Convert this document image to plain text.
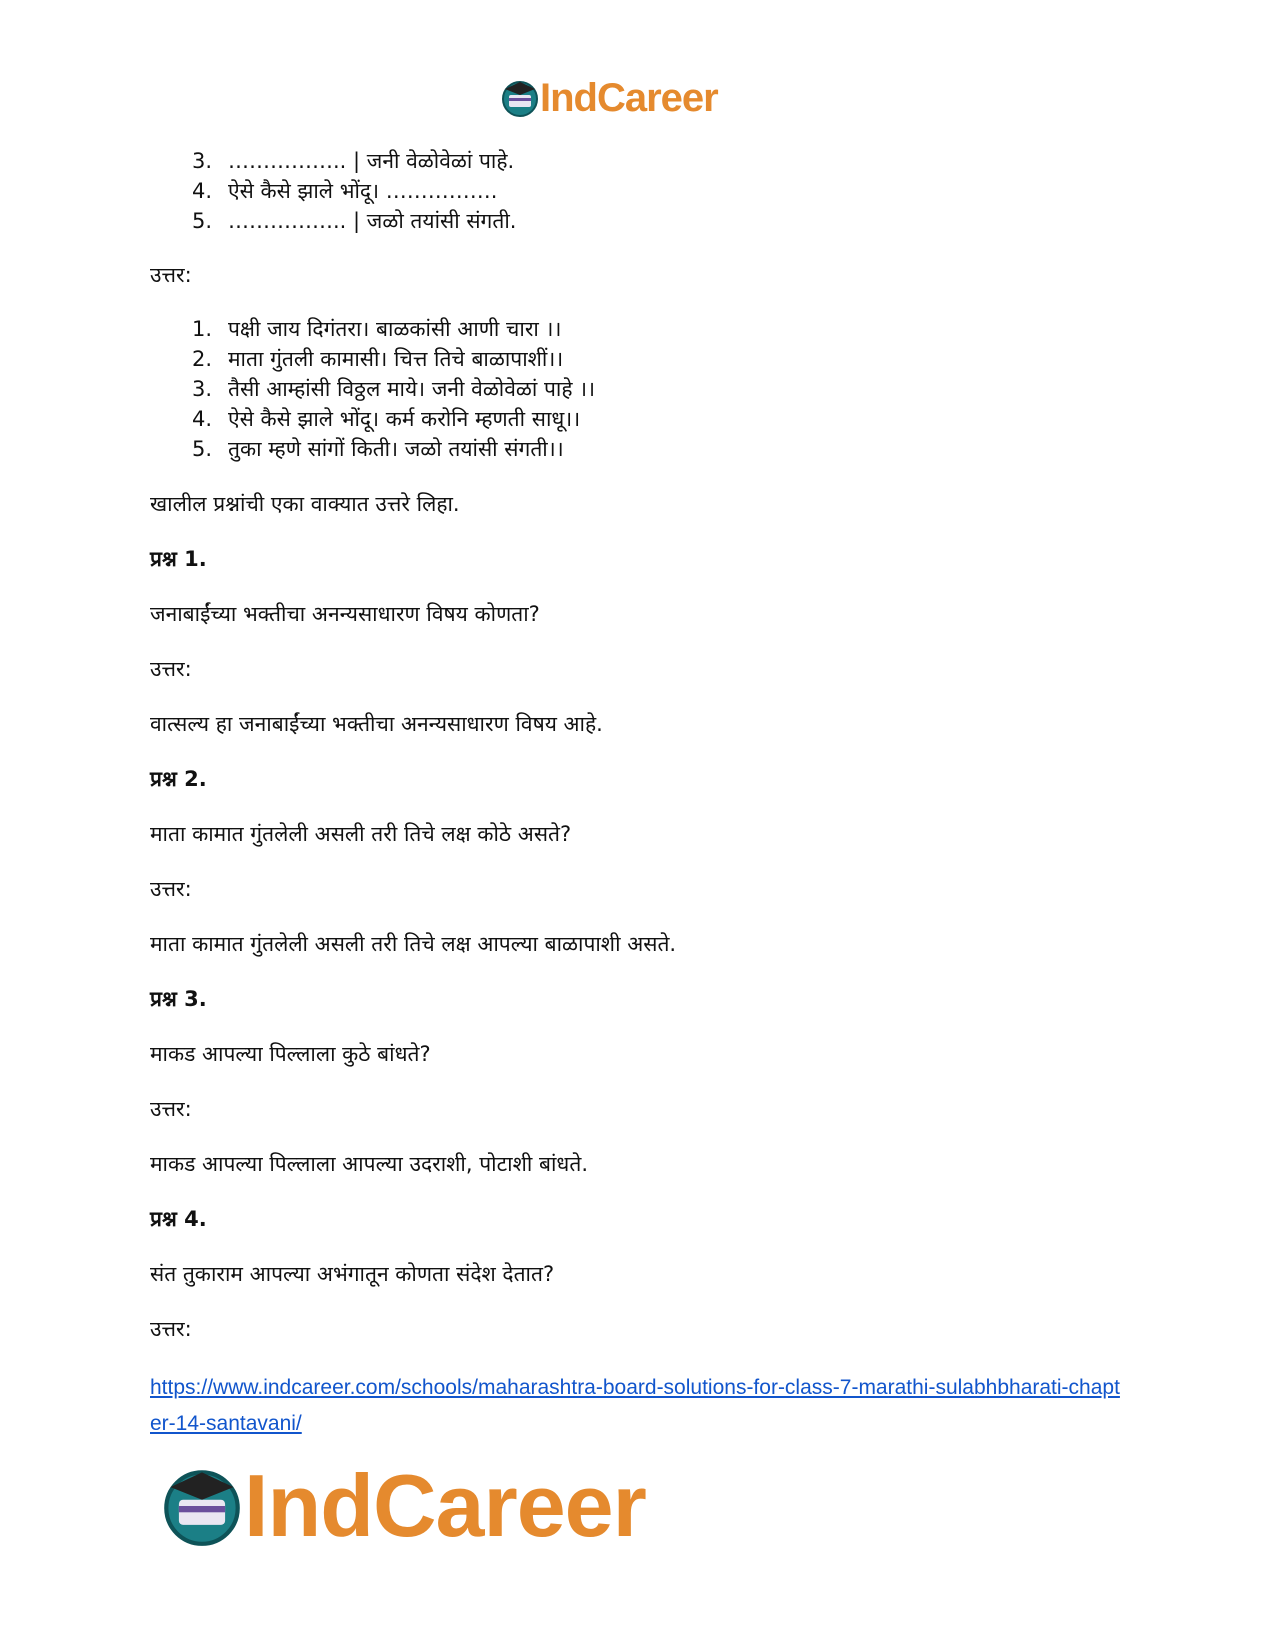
IndCareer
3. …………….. | जनी वेळोवेळां पाहे.
4. ऐसे कैसे झाले भोंदू। …………….
5. …………….. | जळो तयांसी संगती.

उत्तर:

1. पक्षी जाय दिगंतरा। बाळकांसी आणी चारा ।।
2. माता गुंतली कामासी। चित्त तिचे बाळापाशीं।।
3. तैसी आम्हांसी विठ्ठल माये। जनी वेळोवेळां पाहे ।।
4. ऐसे कैसे झाले भोंदू। कर्म करोनि म्हणती साधू।।
5. तुका म्हणे सांगों किती। जळो तयांसी संगती।।

खालील प्रश्नांची एका वाक्यात उत्तरे लिहा.

प्रश्न 1.

जनाबाईंच्या भक्तीचा अनन्यसाधारण विषय कोणता?

उत्तर:

वात्सल्य हा जनाबाईंच्या भक्तीचा अनन्यसाधारण विषय आहे.

प्रश्न 2.

माता कामात गुंतलेली असली तरी तिचे लक्ष कोठे असते?

उत्तर:

माता कामात गुंतलेली असली तरी तिचे लक्ष आपल्या बाळापाशी असते.

प्रश्न 3.

माकड आपल्या पिल्लाला कुठे बांधते?

उत्तर:

माकड आपल्या पिल्लाला आपल्या उदराशी, पोटाशी बांधते.

प्रश्न 4.

संत तुकाराम आपल्या अभंगातून कोणता संदेश देतात?

उत्तर:

https://www.indcareer.com/schools/maharashtra-board-solutions-for-class-7-marathi-sulabhbharati-chapter-14-santavani/
IndCareer
